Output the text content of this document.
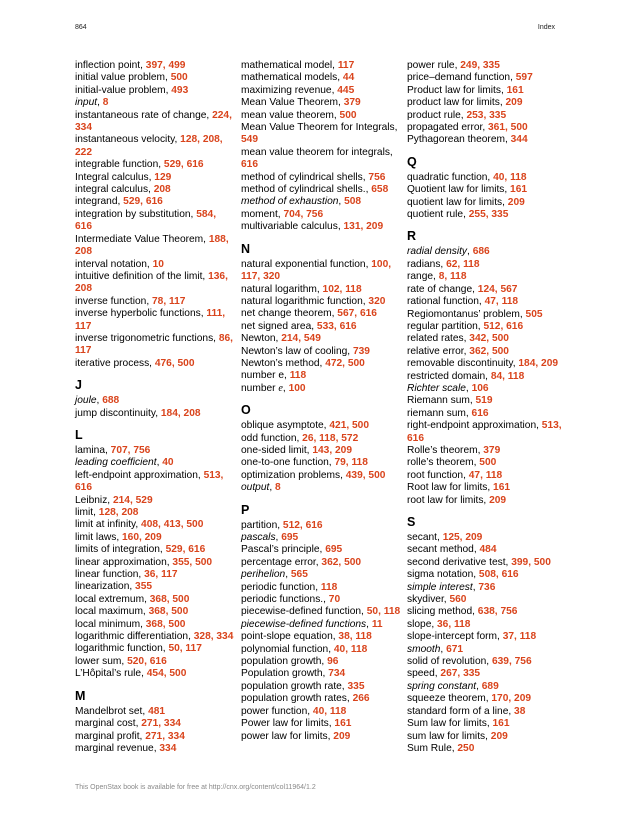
864	Index
inflection point, 397, 499
initial value problem, 500
initial-value problem, 493
input, 8
instantaneous rate of change, 224, 334
instantaneous velocity, 128, 208, 222
integrable function, 529, 616
Integral calculus, 129
integral calculus, 208
integrand, 529, 616
integration by substitution, 584, 616
Intermediate Value Theorem, 188, 208
interval notation, 10
intuitive definition of the limit, 136, 208
inverse function, 78, 117
inverse hyperbolic functions, 111, 117
inverse trigonometric functions, 86, 117
iterative process, 476, 500
J
joule, 688
jump discontinuity, 184, 208
L
lamina, 707, 756
leading coefficient, 40
left-endpoint approximation, 513, 616
Leibniz, 214, 529
limit, 128, 208
limit at infinity, 408, 413, 500
limit laws, 160, 209
limits of integration, 529, 616
linear approximation, 355, 500
linear function, 36, 117
linearization, 355
local extremum, 368, 500
local maximum, 368, 500
local minimum, 368, 500
logarithmic differentiation, 328, 334
logarithmic function, 50, 117
lower sum, 520, 616
L’Hôpital’s rule, 454, 500
M
Mandelbrot set, 481
marginal cost, 271, 334
marginal profit, 271, 334
marginal revenue, 334
mathematical model, 117
mathematical models, 44
maximizing revenue, 445
Mean Value Theorem, 379
mean value theorem, 500
Mean Value Theorem for Integrals, 549
mean value theorem for integrals, 616
method of cylindrical shells, 756
method of cylindrical shells., 658
method of exhaustion, 508
moment, 704, 756
multivariable calculus, 131, 209
N
natural exponential function, 100, 117, 320
natural logarithm, 102, 118
natural logarithmic function, 320
net change theorem, 567, 616
net signed area, 533, 616
Newton, 214, 549
Newton’s law of cooling, 739
Newton’s method, 472, 500
number e, 118
number e, 100
O
oblique asymptote, 421, 500
odd function, 26, 118, 572
one-sided limit, 143, 209
one-to-one function, 79, 118
optimization problems, 439, 500
output, 8
P
partition, 512, 616
pascals, 695
Pascal’s principle, 695
percentage error, 362, 500
perihelion, 565
periodic function, 118
periodic functions., 70
piecewise-defined function, 50, 118
piecewise-defined functions, 11
point-slope equation, 38, 118
polynomial function, 40, 118
population growth, 96
Population growth, 734
population growth rate, 335
population growth rates, 266
power function, 40, 118
Power law for limits, 161
power law for limits, 209
power rule, 249, 335
price–demand function, 597
Product law for limits, 161
product law for limits, 209
product rule, 253, 335
propagated error, 361, 500
Pythagorean theorem, 344
Q
quadratic function, 40, 118
Quotient law for limits, 161
quotient law for limits, 209
quotient rule, 255, 335
R
radial density, 686
radians, 62, 118
range, 8, 118
rate of change, 124, 567
rational function, 47, 118
Regiomontanus’ problem, 505
regular partition, 512, 616
related rates, 342, 500
relative error, 362, 500
removable discontinuity, 184, 209
restricted domain, 84, 118
Richter scale, 106
Riemann sum, 519
riemann sum, 616
right-endpoint approximation, 513, 616
Rolle’s theorem, 379
rolle’s theorem, 500
root function, 47, 118
Root law for limits, 161
root law for limits, 209
S
secant, 125, 209
secant method, 484
second derivative test, 399, 500
sigma notation, 508, 616
simple interest, 736
skydiver, 560
slicing method, 638, 756
slope, 36, 118
slope-intercept form, 37, 118
smooth, 671
solid of revolution, 639, 756
speed, 267, 335
spring constant, 689
squeeze theorem, 170, 209
standard form of a line, 38
Sum law for limits, 161
sum law for limits, 209
Sum Rule, 250
This OpenStax book is available for free at http://cnx.org/content/col11964/1.2
